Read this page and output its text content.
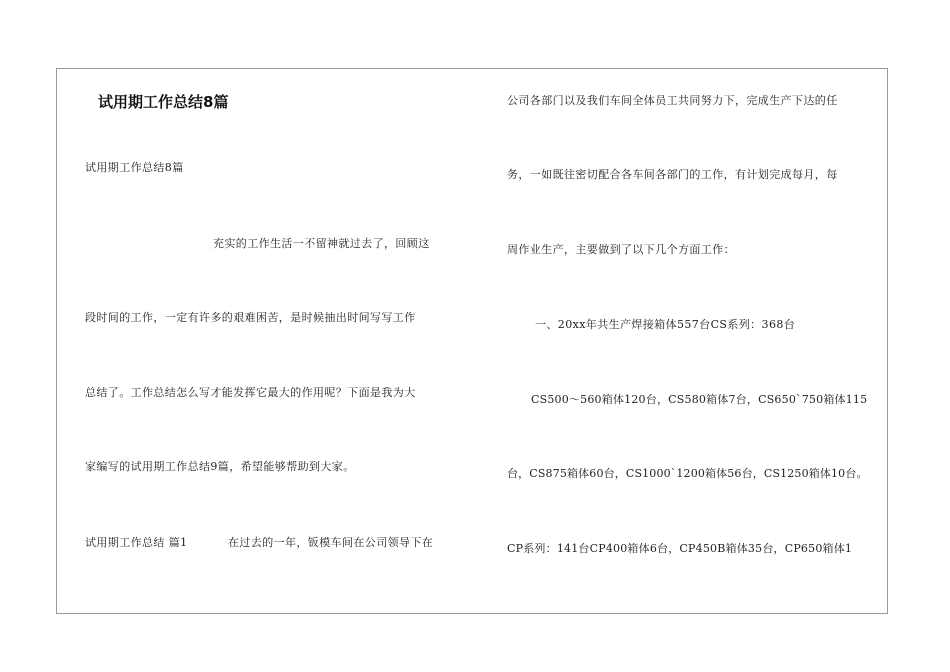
试用期工作总结8篇
试用期工作总结8篇
充实的工作生活一不留神就过去了，回顾这
段时间的工作，一定有许多的艰难困苦，是时候抽出时间写写工作
总结了。工作总结怎么写才能发挥它最大的作用呢？下面是我为大
家编写的试用期工作总结9篇，希望能够帮助到大家。
试用期工作总结 篇1	在过去的一年，钣模车间在公司领导下在
公司各部门以及我们车间全体员工共同努力下，完成生产下达的任
务，一如既往密切配合各车间各部门的工作，有计划完成每月，每
周作业生产，主要做到了以下几个方面工作：
一、20xx年共生产焊接箱体557台CS系列：368台
CS500～560箱体120台，CS580箱体7台，CS650`750箱体115
台，CS875箱体60台，CS1000`1200箱体56台，CS1250箱体10台。
CP系列：141台CP400箱体6台，CP450B箱体35台，CP650箱体1
